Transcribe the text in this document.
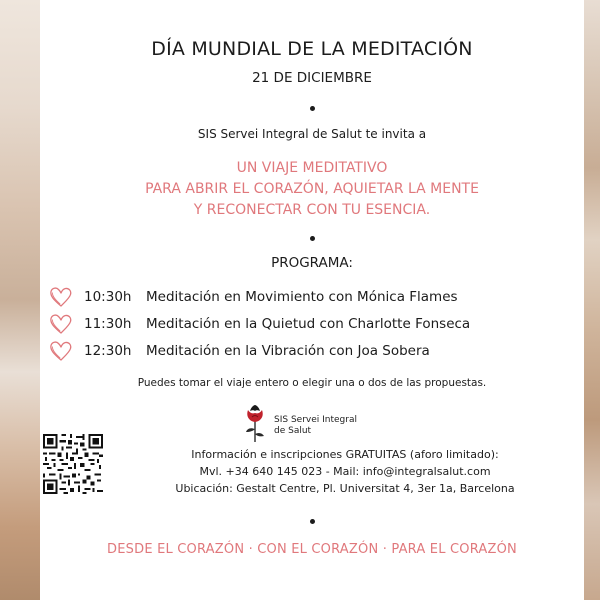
DÍA MUNDIAL DE LA MEDITACIÓN
21 DE DICIEMBRE
SIS Servei Integral de Salut te invita a
UN VIAJE MEDITATIVO
PARA ABRIR EL CORAZÓN, AQUIETAR LA MENTE
Y RECONECTAR CON TU ESENCIA.
PROGRAMA:
10:30h	Meditación en Movimiento con Mónica Flames
11:30h	Meditación en la Quietud con Charlotte Fonseca
12:30h	Meditación en la Vibración con Joa Sobera
Puedes tomar el viaje entero o elegir una o dos de las propuestas.
SIS Servei Integral
de Salut
Información e inscripciones GRATUITAS (aforo limitado):
Mvl. +34 640 145 023 - Mail: info@integralsalut.com
Ubicación: Gestalt Centre, Pl. Universitat 4, 3er 1a, Barcelona
DESDE EL CORAZÓN · CON EL CORAZÓN · PARA EL CORAZÓN
